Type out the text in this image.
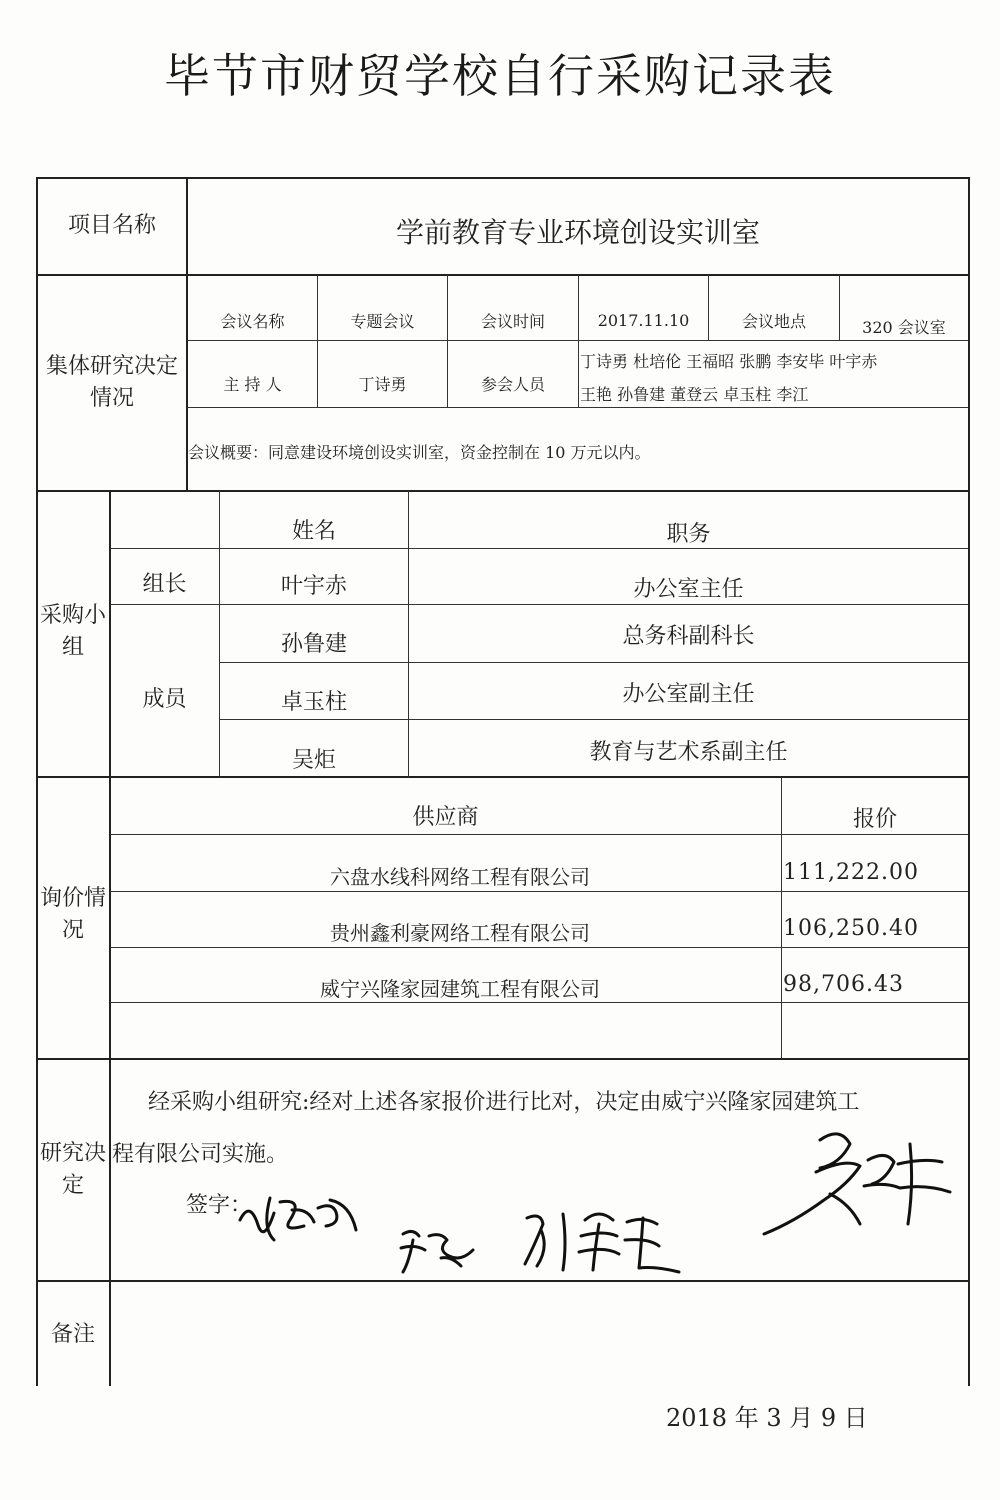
毕节市财贸学校自行采购记录表
项目名称	学前教育专业环境创设实训室
集体研究决定情况
会议名称	专题会议	会议时间	2017.11.10	会议地点	320 会议室
主 持 人	丁诗勇	参会人员
丁诗勇 杜培伦 王福昭 张鹏 李安毕 叶宇赤
王艳 孙鲁建 董登云 卓玉柱 李江
会议概要：同意建设环境创设实训室，资金控制在 10 万元以内。
采购小组
姓名	职务
组长	叶宇赤	办公室主任
成员
孙鲁建	总务科副科长
卓玉柱	办公室副主任
吴炬	教育与艺术系副主任
询价情况
供应商	报价
六盘水线科网络工程有限公司	111,222.00
贵州鑫利豪网络工程有限公司	106,250.40
威宁兴隆家园建筑工程有限公司	98,706.43
研究决定
经采购小组研究:经对上述各家报价进行比对，决定由威宁兴隆家园建筑工
程有限公司实施。
签字：
备注
2018 年 3 月 9 日
